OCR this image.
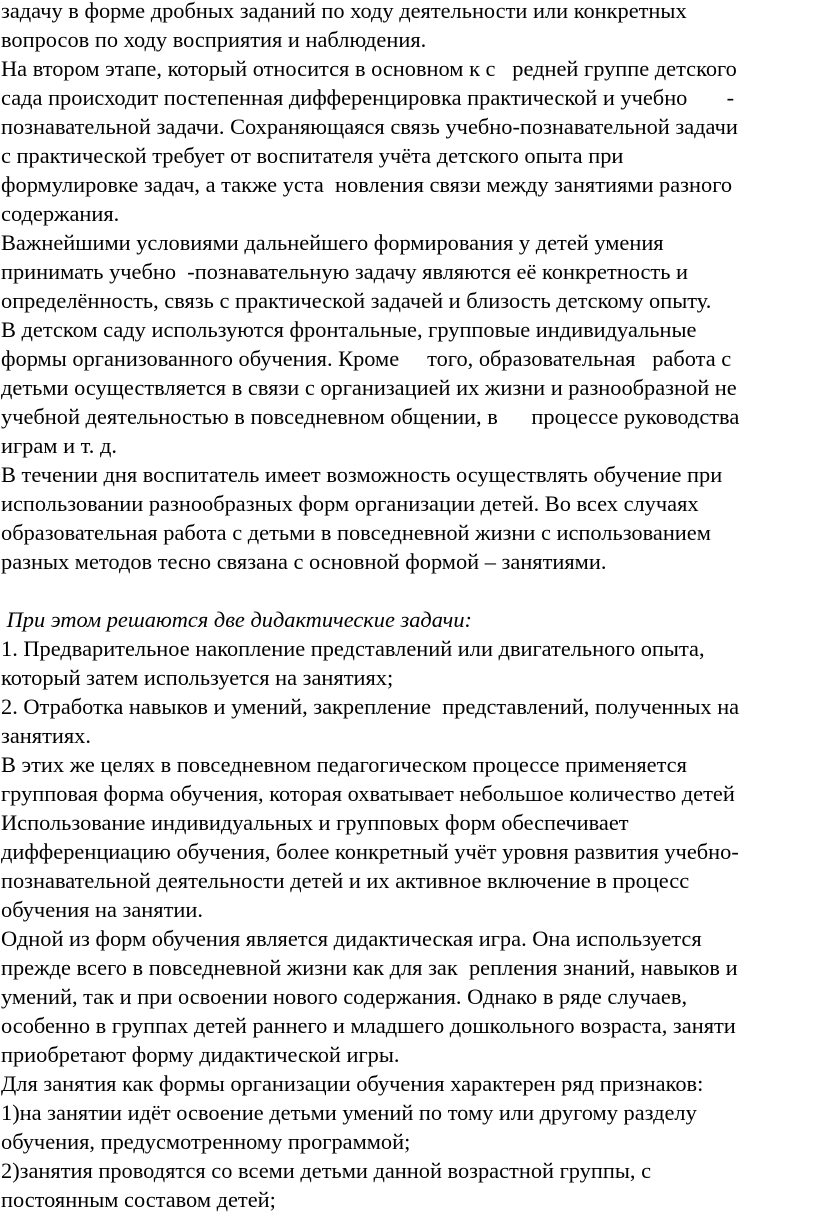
задачу в форме дробных заданий по ходу деятельности или конкретных
вопросов по ходу восприятия и наблюдения.
На втором этапе, который относится в основном к с   редней группе детского
сада происходит постепенная дифференцировка практической и учебно       -
познавательной задачи. Сохраняющаяся связь учебно-познавательной задачи
с практической требует от воспитателя учёта детского опыта при
формулировке задач, а также уста  новления связи между занятиями разного
содержания.
Важнейшими условиями дальнейшего формирования у детей умения
принимать учебно  -познавательную задачу являются её конкретность и
определённость, связь с практической задачей и близость детскому опыту.
В детском саду используются фронтальные, групповые индивидуальные
формы организованного обучения. Кроме     того, образовательная   работа с
детьми осуществляется в связи с организацией их жизни и разнообразной не
учебной деятельностью в повседневном общении, в      процессе руководства
играм и т. д.
В течении дня воспитатель имеет возможность осуществлять обучение при
использовании разнообразных форм организации детей. Во всех случаях
образовательная работа с детьми в повседневной жизни с использованием
разных методов тесно связана с основной формой – занятиями.
При этом решаются две дидактические задачи:
1. Предварительное накопление представлений или двигательного опыта,
который затем используется на занятиях;
2. Отработка навыков и умений, закрепление  представлений, полученных на
занятиях.
В этих же целях в повседневном педагогическом процессе применяется
групповая форма обучения, которая охватывает небольшое количество детей
Использование индивидуальных и групповых форм обеспечивает
дифференциацию обучения, более конкретный учёт уровня развития учебно-
познавательной деятельности детей и их активное включение в процесс
обучения на занятии.
Одной из форм обучения является дидактическая игра. Она используется
прежде всего в повседневной жизни как для зак  репления знаний, навыков и
умений, так и при освоении нового содержания. Однако в ряде случаев,
особенно в группах детей раннего и младшего дошкольного возраста, заняти
приобретают форму дидактической игры.
Для занятия как формы организации обучения характерен ряд признаков:
1)на занятии идёт освоение детьми умений по тому или другому разделу
обучения, предусмотренному программой;
2)занятия проводятся со всеми детьми данной возрастной группы, с
постоянным составом детей;
